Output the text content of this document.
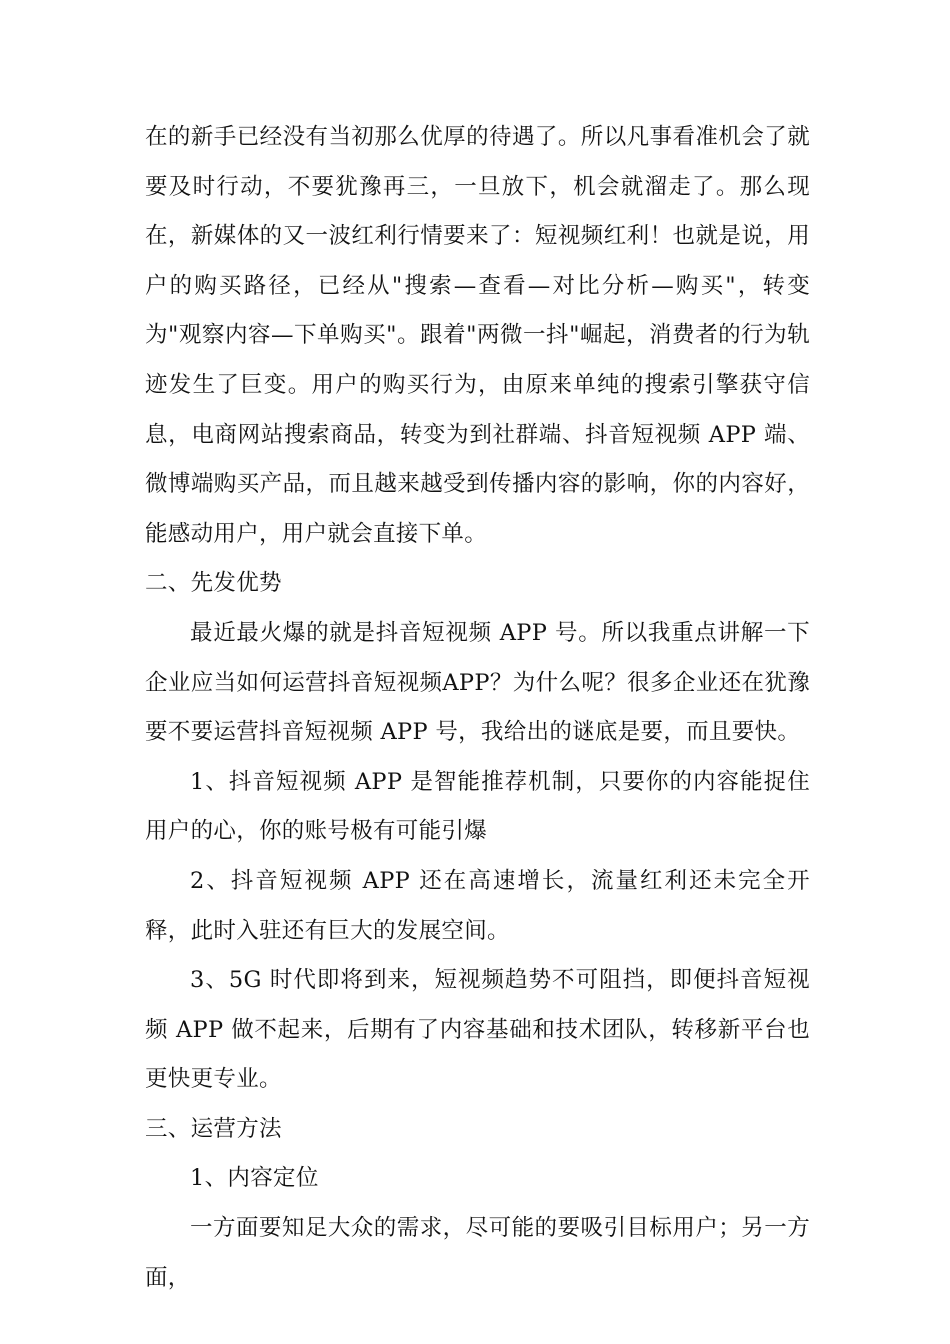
在的新手已经没有当初那么优厚的待遇了。所以凡事看准机会了就要及时行动，不要犹豫再三，一旦放下，机会就溜走了。那么现在，新媒体的又一波红利行情要来了：短视频红利！也就是说，用户的购买路径，已经从"搜索—查看—对比分析—购买"，转变为"观察内容—下单购买"。跟着"两微一抖"崛起，消费者的行为轨迹发生了巨变。用户的购买行为，由原来单纯的搜索引擎获守信息，电商网站搜索商品，转变为到社群端、抖音短视频 APP 端、微博端购买产品，而且越来越受到传播内容的影响，你的内容好，能感动用户，用户就会直接下单。

二、先发优势

最近最火爆的就是抖音短视频 APP 号。所以我重点讲解一下企业应当如何运营抖音短视频APP？为什么呢？很多企业还在犹豫要不要运营抖音短视频 APP 号，我给出的谜底是要，而且要快。

1、抖音短视频 APP 是智能推荐机制，只要你的内容能捉住用户的心，你的账号极有可能引爆

2、抖音短视频 APP 还在高速增长，流量红利还未完全开释，此时入驻还有巨大的发展空间。

3、5G 时代即将到来，短视频趋势不可阻挡，即便抖音短视频 APP 做不起来，后期有了内容基础和技术团队，转移新平台也更快更专业。

三、运营方法

1、内容定位

一方面要知足大众的需求，尽可能的要吸引目标用户；另一方面，
